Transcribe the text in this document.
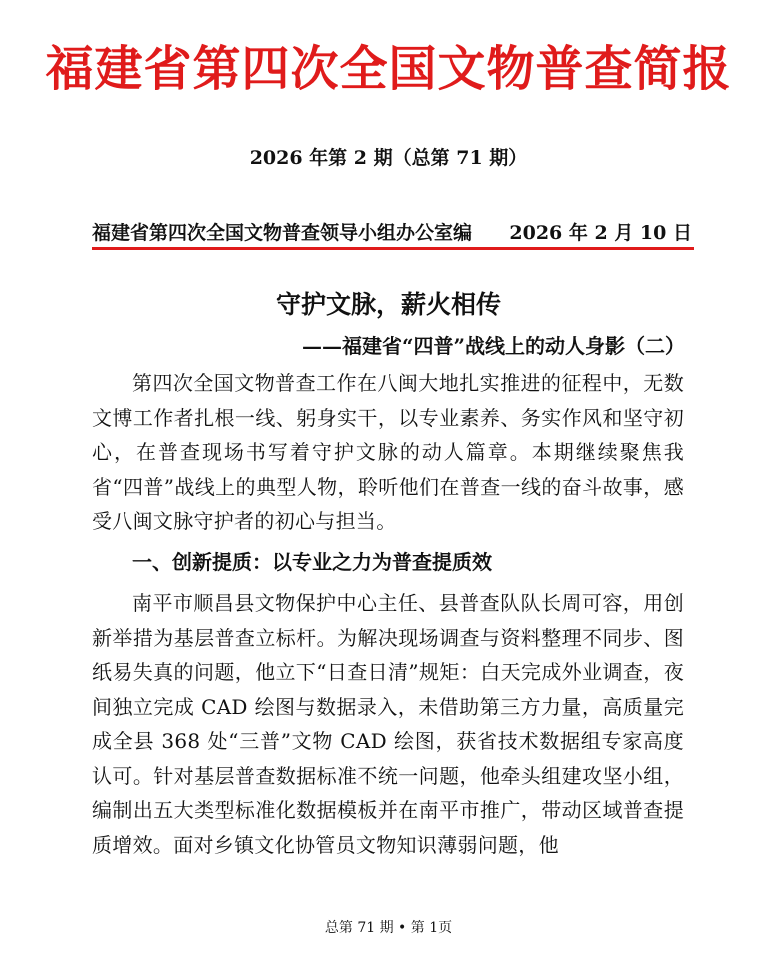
福建省第四次全国文物普查简报
2026 年第 2 期（总第 71 期）
福建省第四次全国文物普查领导小组办公室编 2026 年 2 月 10 日
守护文脉，薪火相传
——福建省“四普”战线上的动人身影（二）

第四次全国文物普查工作在八闽大地扎实推进的征程中，无数文博工作者扎根一线、躬身实干，以专业素养、务实作风和坚守初心，在普查现场书写着守护文脉的动人篇章。本期继续聚焦我省“四普”战线上的典型人物，聆听他们在普查一线的奋斗故事，感受八闽文脉守护者的初心与担当。

一、创新提质：以专业之力为普查提质效

南平市顺昌县文物保护中心主任、县普查队队长周可容，用创新举措为基层普查立标杆。为解决现场调查与资料整理不同步、图纸易失真的问题，他立下“日查日清”规矩：白天完成外业调查，夜间独立完成 CAD 绘图与数据录入，未借助第三方力量，高质量完成全县 368 处“三普”文物 CAD 绘图，获省技术数据组专家高度认可。针对基层普查数据标准不统一问题，他牵头组建攻坚小组，编制出五大类型标准化数据模板并在南平市推广，带动区域普查提质增效。面对乡镇文化协管员文物知识薄弱问题，他

总第 71 期 • 第 1页
